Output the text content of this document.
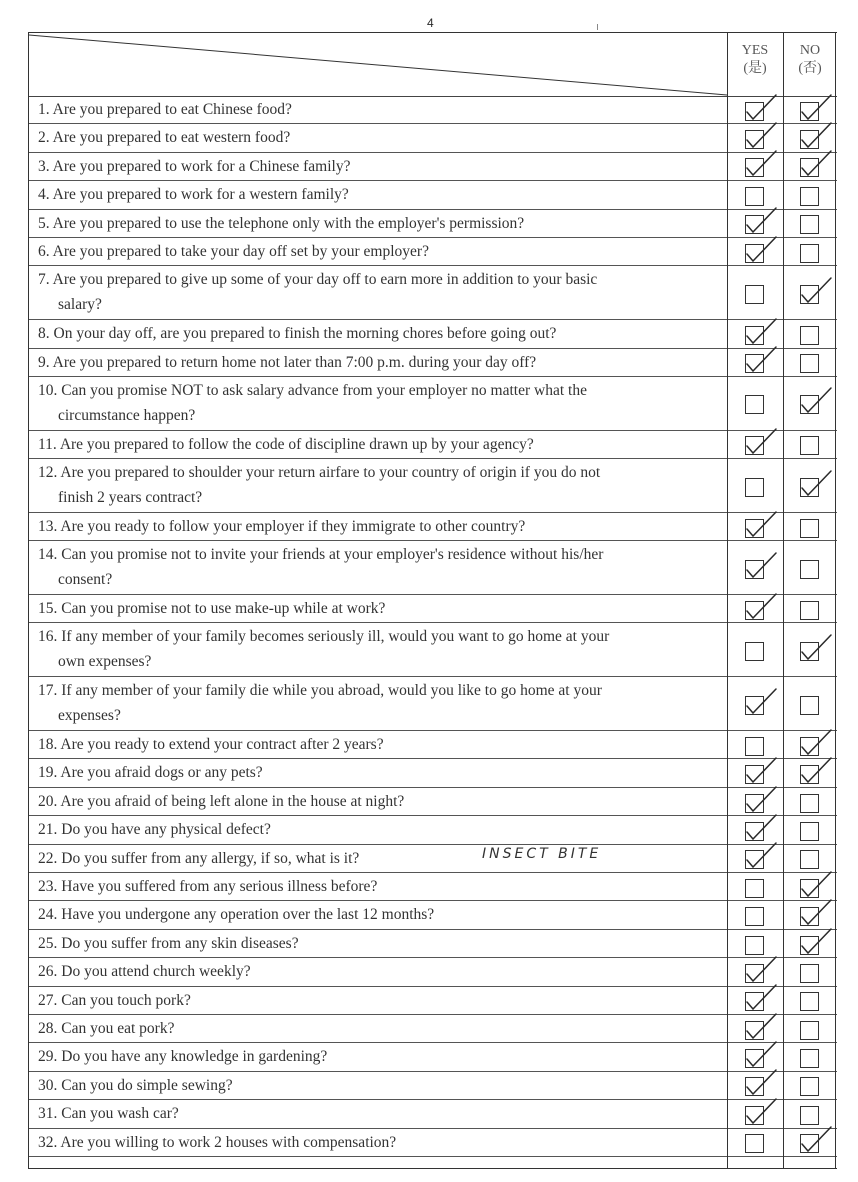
4
YES
(是)
NO
(否)
1. Are you prepared to eat Chinese food?
2. Are you prepared to eat western food?
3. Are you prepared to work for a Chinese family?
4. Are you prepared to work for a western family?
5. Are you prepared to use the telephone only with the employer's permission?
6. Are you prepared to take your day off set by your employer?
7. Are you prepared to give up some of your day off to earn more in addition to your basic
salary?
8. On your day off, are you prepared to finish the morning chores before going out?
9. Are you prepared to return home not later than 7:00 p.m. during your day off?
10. Can you promise NOT to ask salary advance from your employer no matter what the
circumstance happen?
11. Are you prepared to follow the code of discipline drawn up by your agency?
12. Are you prepared to shoulder your return airfare to your country of origin if you do not
finish 2 years contract?
13. Are you ready to follow your employer if they immigrate to other country?
14. Can you promise not to invite your friends at your employer's residence without his/her
consent?
15. Can you promise not to use make-up while at work?
16. If any member of your family becomes seriously ill, would you want to go home at your
own expenses?
17. If any member of your family die while you abroad, would you like to go home at your
expenses?
18. Are you ready to extend your contract after 2 years?
19. Are you afraid dogs or any pets?
20. Are you afraid of being left alone in the house at night?
21. Do you have any physical defect?
22. Do you suffer from any allergy, if so, what is it?	INSECT BITE
23. Have you suffered from any serious illness before?
24. Have you undergone any operation over the last 12 months?
25. Do you suffer from any skin diseases?
26. Do you attend church weekly?
27. Can you touch pork?
28. Can you eat pork?
29. Do you have any knowledge in gardening?
30. Can you do simple sewing?
31. Can you wash car?
32. Are you willing to work 2 houses with compensation?
